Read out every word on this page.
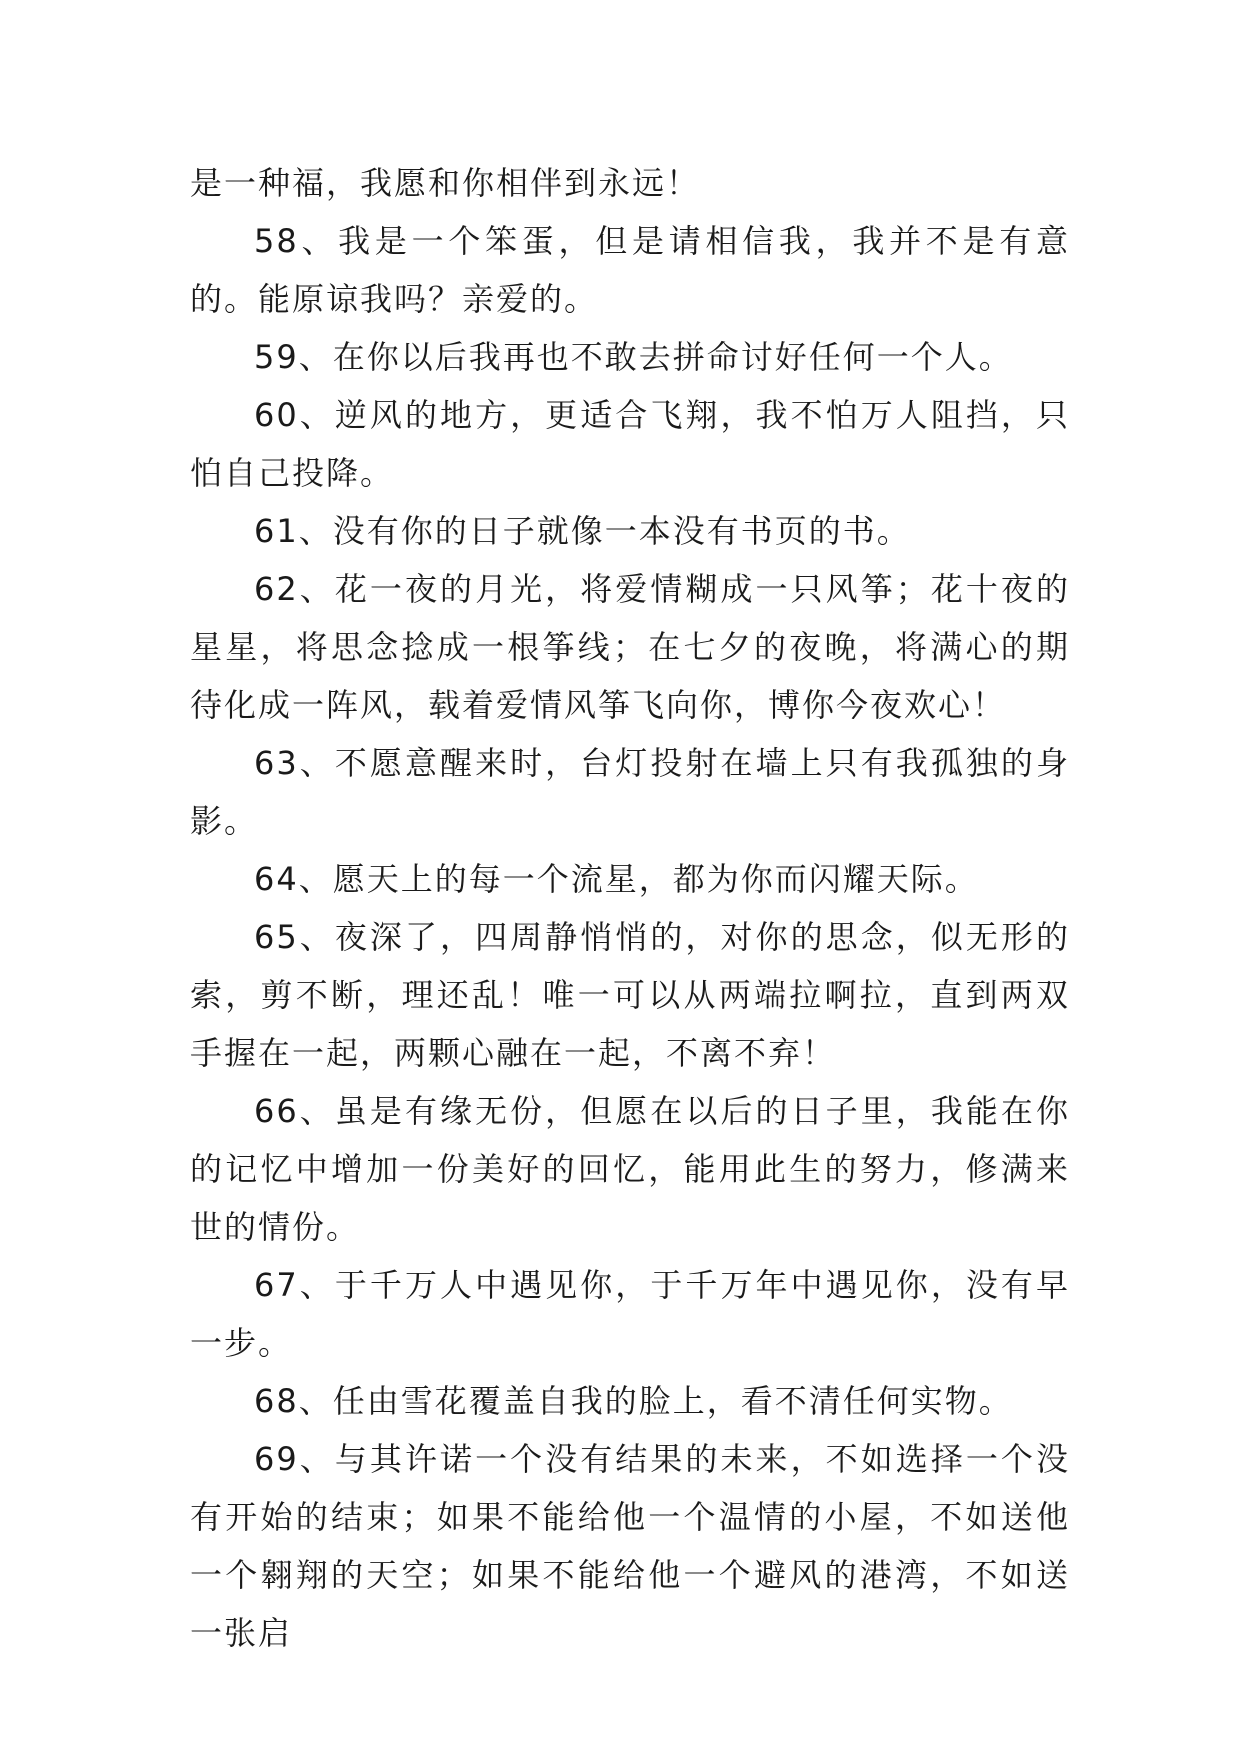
是一种福，我愿和你相伴到永远！

58、我是一个笨蛋，但是请相信我，我并不是有意的。能原谅我吗？亲爱的。

59、在你以后我再也不敢去拼命讨好任何一个人。

60、逆风的地方，更适合飞翔，我不怕万人阻挡，只怕自己投降。

61、没有你的日子就像一本没有书页的书。

62、花一夜的月光，将爱情糊成一只风筝；花十夜的星星，将思念捻成一根筝线；在七夕的夜晚，将满心的期待化成一阵风，载着爱情风筝飞向你，博你今夜欢心！

63、不愿意醒来时，台灯投射在墙上只有我孤独的身影。

64、愿天上的每一个流星，都为你而闪耀天际。

65、夜深了，四周静悄悄的，对你的思念，似无形的索，剪不断，理还乱！唯一可以从两端拉啊拉，直到两双手握在一起，两颗心融在一起，不离不弃！

66、虽是有缘无份，但愿在以后的日子里，我能在你的记忆中增加一份美好的回忆，能用此生的努力，修满来世的情份。

67、于千万人中遇见你，于千万年中遇见你，没有早一步。

68、任由雪花覆盖自我的脸上，看不清任何实物。

69、与其许诺一个没有结果的未来，不如选择一个没有开始的结束；如果不能给他一个温情的小屋，不如送他一个翱翔的天空；如果不能给他一个避风的港湾，不如送一张启
